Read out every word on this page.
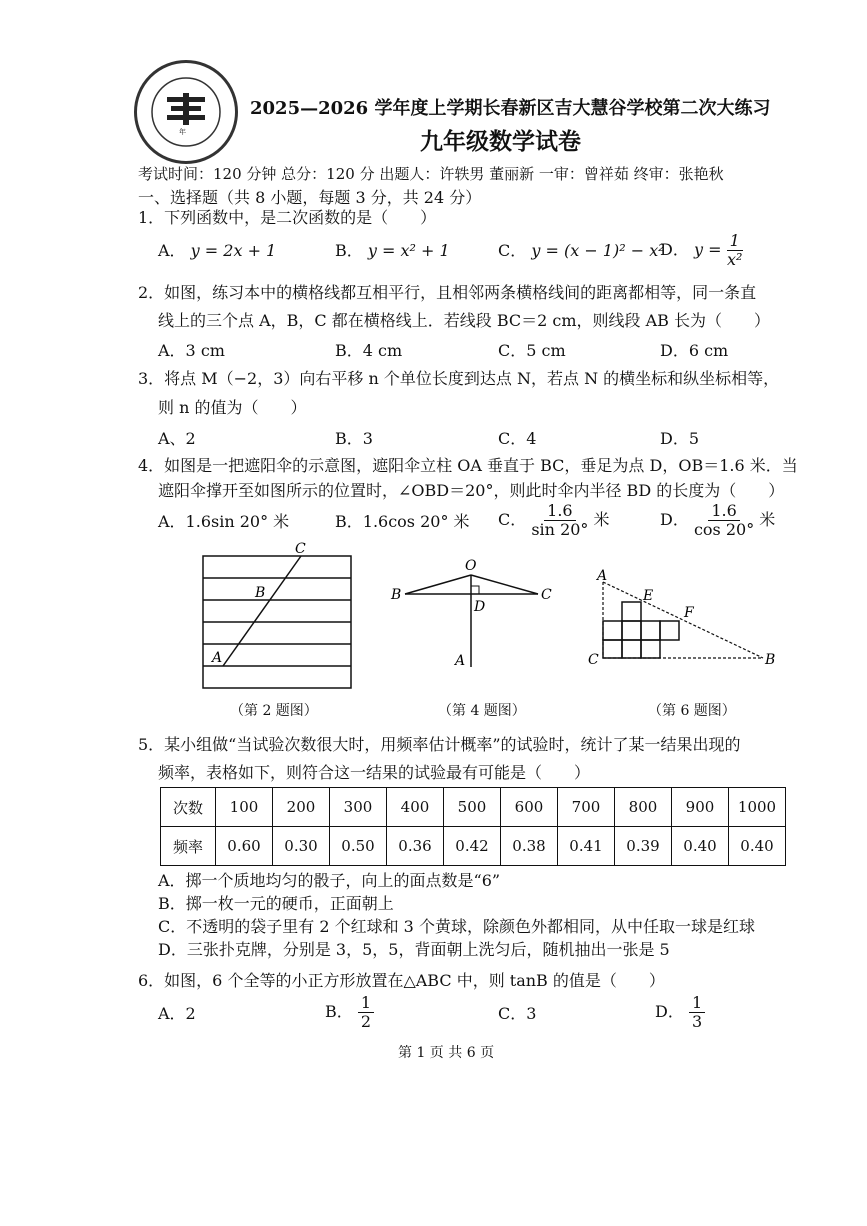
年
2025—2026 学年度上学期长春新区吉大慧谷学校第二次大练习
九年级数学试卷
考试时间：120 分钟 总分：120 分 出题人：许轶男 董丽新 一审：曾祥茹 终审：张艳秋
一、选择题（共 8 小题，每题 3 分，共 24 分）
1．下列函数中，是二次函数的是（　　）
A． y = 2x + 1	B． y = x² + 1	C． y = (x − 1)² − x²
D． $y = \frac{1}{\text{x²}}$
2．如图，练习本中的横格线都互相平行，且相邻两条横格线间的距离都相等，同一条直
线上的三个点 A，B，C 都在横格线上．若线段 BC＝2 cm，则线段 AB 长为（　　）
A．3 cm	B．4 cm	C．5 cm	D．6 cm
3．将点 M（−2，3）向右平移 n 个单位长度到达点 N，若点 N 的横坐标和纵坐标相等，
则 n 的值为（　　）
A、2	B．3	C．4	D．5
4．如图是一把遮阳伞的示意图，遮阳伞立柱 OA 垂直于 BC，垂足为点 D，OB＝1.6 米．当
遮阳伞撑开至如图所示的位置时，∠OBD＝20°，则此时伞内半径 BD 的长度为（　　）
A．1.6sin 20° 米	B．1.6cos 20° 米 C． $\frac{1.6}{\sin 20^\circ}$ 米	D． $\frac{1.6}{\cos 20^\circ}$ 米
C
B
A
（第 2 题图）
O
B	C
D
A
（第 4 题图）
A
E
F
C	B
（第 6 题图）
5．某小组做“当试验次数很大时，用频率估计概率”的试验时，统计了某一结果出现的
频率，表格如下，则符合这一结果的试验最有可能是（　　）
次数	100	200	300	400	500	600	700	800	900	1000
频率	0.60	0.30	0.50	0.36	0.42	0.38	0.41	0.39	0.40	0.40
A．掷一个质地均匀的骰子，向上的面点数是“6”
B．掷一枚一元的硬币，正面朝上
C．不透明的袋子里有 2 个红球和 3 个黄球，除颜色外都相同，从中任取一球是红球
D．三张扑克牌，分别是 3，5，5，背面朝上洗匀后，随机抽出一张是 5
6．如图，6 个全等的小正方形放置在△ABC 中，则 tanB 的值是（　　）
A．2	B． $\frac{1}{2}$	C．3	D． $\frac{1}{3}$
第 1 页 共 6 页
